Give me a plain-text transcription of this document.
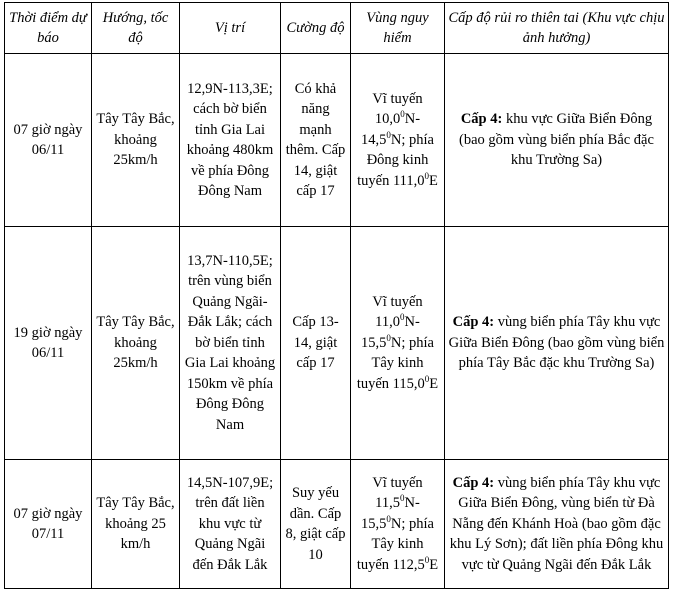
Thời điểm dự báo	Hướng, tốc độ	Vị trí	Cường độ	Vùng nguy hiểm	Cấp độ rủi ro thiên tai (Khu vực chịu ảnh hưởng)
07 giờ ngày 06/11	Tây Tây Bắc, khoảng 25km/h	12,9N-113,3E; cách bờ biển tỉnh Gia Lai khoảng 480km về phía Đông Đông Nam	Có khả năng mạnh thêm. Cấp 14, giật cấp 17	Vĩ tuyến 10,0$^0$N-14,5$^0$N; phía Đông kinh tuyến 111,0$^0$E	Cấp 4: khu vực Giữa Biển Đông (bao gồm vùng biển phía Bắc đặc khu Trường Sa)
19 giờ ngày 06/11	Tây Tây Bắc, khoảng 25km/h	13,7N-110,5E; trên vùng biển Quảng Ngãi-Đắk Lắk; cách bờ biển tỉnh Gia Lai khoảng 150km về phía Đông Đông Nam	Cấp 13-14, giật cấp 17	Vĩ tuyến 11,0$^0$N-15,5$^0$N; phía Tây kinh tuyến 115,0$^0$E	Cấp 4: vùng biển phía Tây khu vực Giữa Biển Đông (bao gồm vùng biển phía Tây Bắc đặc khu Trường Sa)
07 giờ ngày 07/11	Tây Tây Bắc, khoảng 25 km/h	14,5N-107,9E; trên đất liền khu vực từ Quảng Ngãi đến Đắk Lắk	Suy yếu dần. Cấp 8, giật cấp 10	Vĩ tuyến 11,5$^0$N-15,5$^0$N; phía Tây kinh tuyến 112,5$^0$E	Cấp 4: vùng biển phía Tây khu vực Giữa Biển Đông, vùng biển từ Đà Nẵng đến Khánh Hoà (bao gồm đặc khu Lý Sơn); đất liền phía Đông khu vực từ Quảng Ngãi đến Đắk Lắk
